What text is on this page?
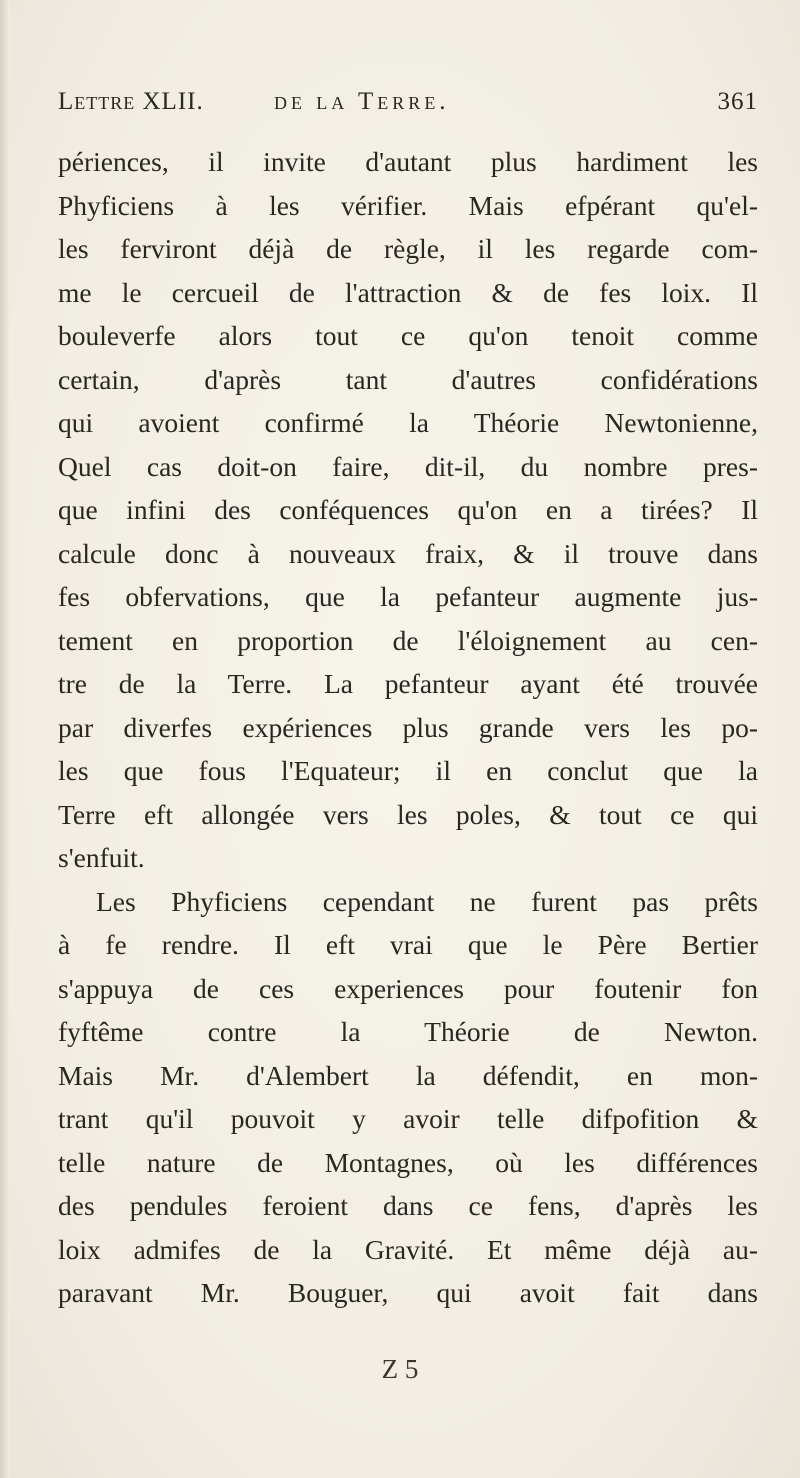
Lettre XLII.	de la Terre.	361
périences, il invite d'autant plus hardiment les
Phyficiens à les vérifier. Mais efpérant qu'el-
les ferviront déjà de règle, il les regarde com-
me le cercueil de l'attraction & de fes loix. Il
bouleverfe alors tout ce qu'on tenoit comme
certain, d'après tant d'autres confidérations
qui avoient confirmé la Théorie Newtonienne,
Quel cas doit-on faire, dit-il, du nombre pres-
que infini des conféquences qu'on en a tirées? Il
calcule donc à nouveaux fraix, & il trouve dans
fes obfervations, que la pefanteur augmente jus-
tement en proportion de l'éloignement au cen-
tre de la Terre. La pefanteur ayant été trouvée
par diverfes expériences plus grande vers les po-
les que fous l'Equateur; il en conclut que la
Terre eft allongée vers les poles, & tout ce qui
s'enfuit.
Les Phyficiens cependant ne furent pas prêts
à fe rendre. Il eft vrai que le Père Bertier
s'appuya de ces experiences pour foutenir fon
fyftême contre la Théorie de Newton.
Mais Mr. d'Alembert la défendit, en mon-
trant qu'il pouvoit y avoir telle difpofition &
telle nature de Montagnes, où les différences
des pendules feroient dans ce fens, d'après les
loix admifes de la Gravité. Et même déjà au-
paravant Mr. Bouguer, qui avoit fait dans
Z 5
